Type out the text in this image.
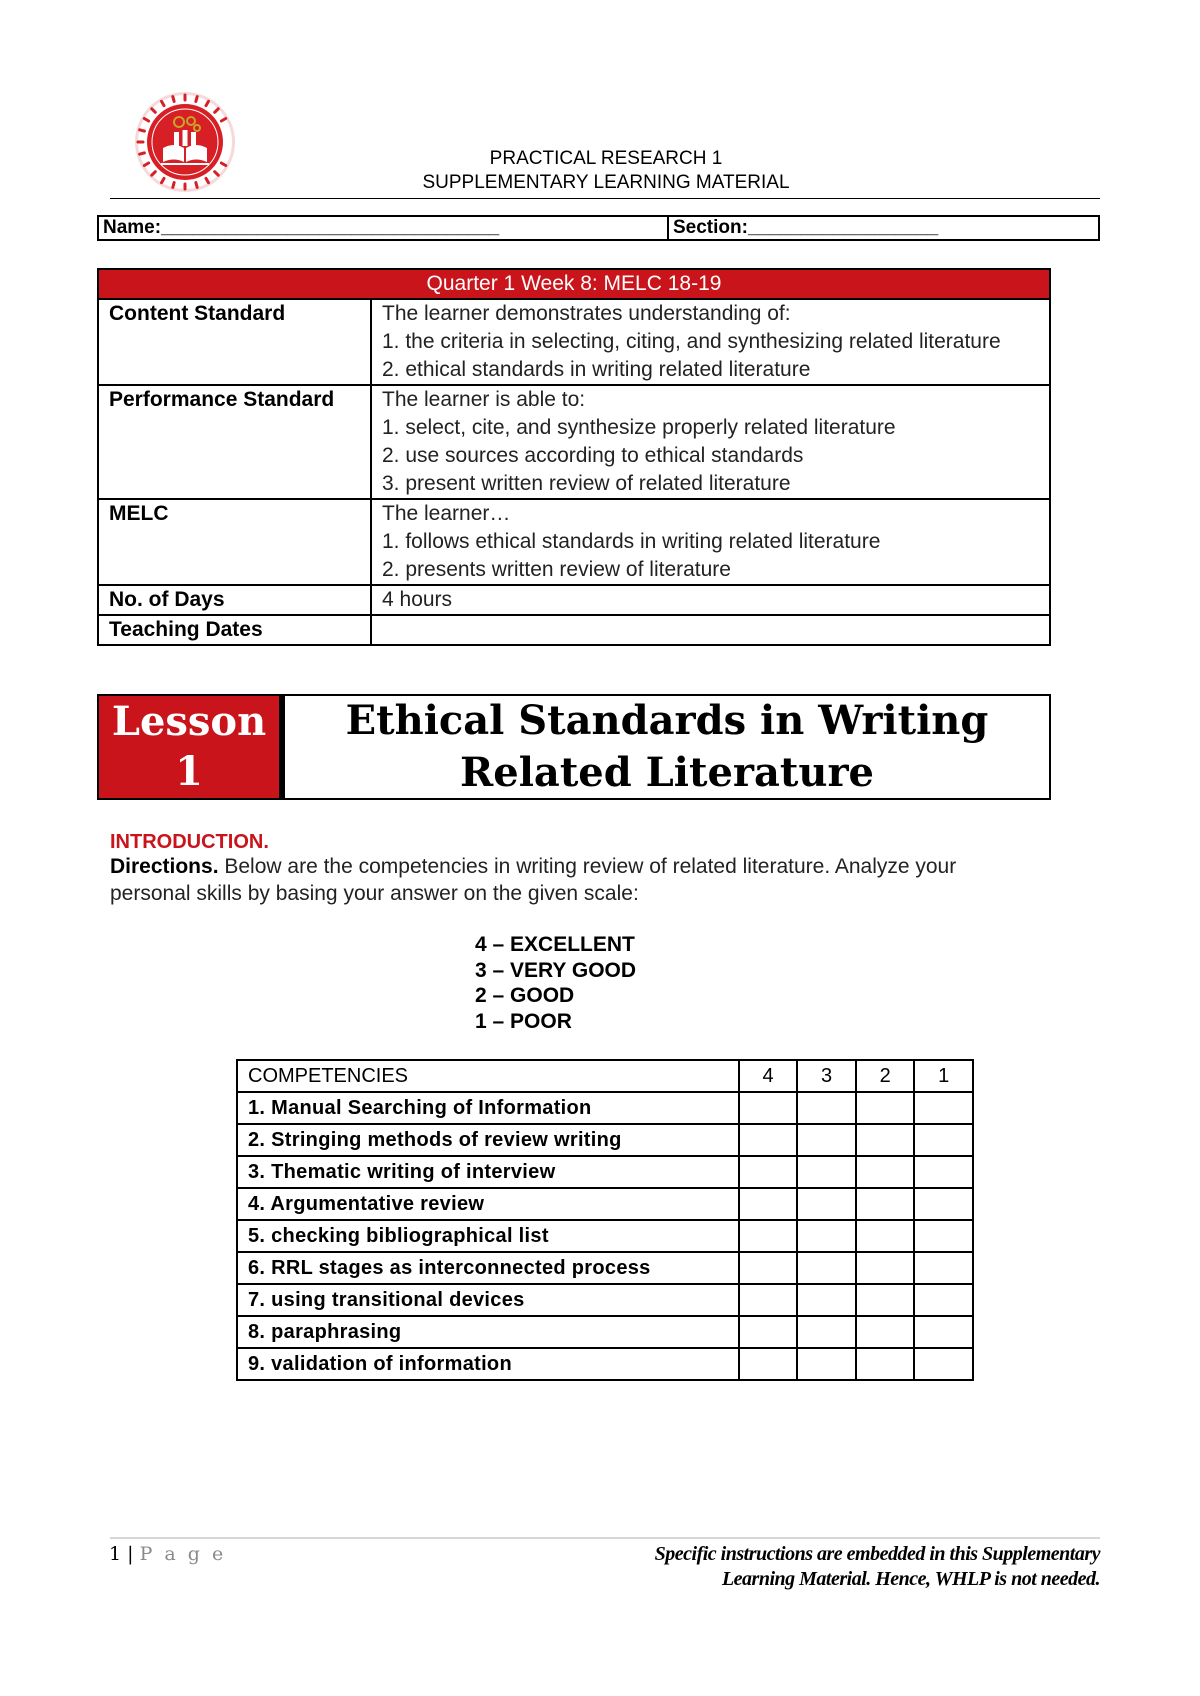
PRACTICAL RESEARCH 1
SUPPLEMENTARY LEARNING MATERIAL
Name:________________________________	Section:__________________
Quarter 1 Week 8: MELC 18-19	
Content Standard	The learner demonstrates understanding of:
1. the criteria in selecting, citing, and synthesizing related literature
2. ethical standards in writing related literature

Performance Standard	The learner is able to:
1. select, cite, and synthesize properly related literature
2. use sources according to ethical standards
3. present written review of related literature

MELC	The learner…
1. follows ethical standards in writing related literature
2. presents written review of literature

No. of Days	4 hours

Teaching Dates	
Lesson
1
Ethical Standards in Writing
Related Literature
INTRODUCTION.
Directions. Below are the competencies in writing review of related literature. Analyze your personal skills by basing your answer on the given scale:
4 – EXCELLENT
3 – VERY GOOD
2 – GOOD
1 – POOR
COMPETENCIES	4	3	2	1
1. Manual Searching of Information				
2. Stringing methods of review writing				
3. Thematic writing of interview				
4. Argumentative review				
5. checking bibliographical list				
6. RRL stages as interconnected process				
7. using transitional devices				
8. paraphrasing				
9. validation of information				
1 | P a g e	Specific instructions are embedded in this Supplementary
Learning Material. Hence, WHLP is not needed.
